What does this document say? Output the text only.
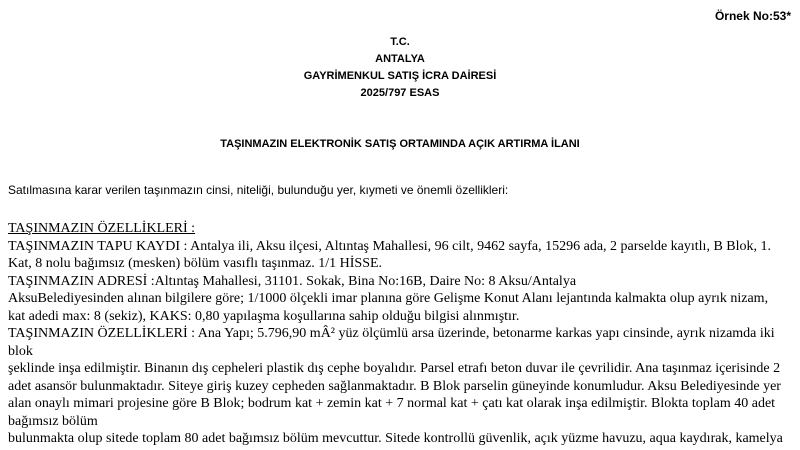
Örnek No:53*
T.C.
ANTALYA
GAYRİMENKUL SATIŞ İCRA DAİRESİ
2025/797 ESAS
TAŞINMAZIN ELEKTRONİK SATIŞ ORTAMINDA AÇIK ARTIRMA İLANI
Satılmasına karar verilen taşınmazın cinsi, niteliği, bulunduğu yer, kıymeti ve önemli özellikleri:

TAŞINMAZIN ÖZELLİKLERİ :

TAŞINMAZIN TAPU KAYDI : Antalya ili, Aksu ilçesi, Altıntaş Mahallesi, 96 cilt, 9462 sayfa, 15296 ada, 2 parselde kayıtlı, B Blok, 1. Kat, 8 nolu bağımsız (mesken) bölüm vasıflı taşınmaz. 1/1 HİSSE.

TAŞINMAZIN ADRESİ :Altıntaş Mahallesi, 31101. Sokak, Bina No:16B, Daire No: 8 Aksu/Antalya

AksuBelediyesinden alınan bilgilere göre; 1/1000 ölçekli imar planına göre Gelişme Konut Alanı lejantında kalmakta olup ayrık nizam, kat adedi max: 8 (sekiz), KAKS: 0,80 yapılaşma koşullarına sahip olduğu bilgisi alınmıştır.

TAŞINMAZIN ÖZELLİKLERİ : Ana Yapı; 5.796,90 mÂ² yüz ölçümlü arsa üzerinde, betonarme karkas yapı cinsinde, ayrık nizamda iki blok

şeklinde inşa edilmiştir. Binanın dış cepheleri plastik dış cephe boyalıdır. Parsel etrafı beton duvar ile çevrilidir. Ana taşınmaz içerisinde 2 adet asansör bulunmaktadır. Siteye giriş kuzey cepheden sağlanmaktadır. B Blok parselin güneyinde konumludur. Aksu Belediyesinde yer alan onaylı mimari projesine göre B Blok; bodrum kat + zemin kat + 7 normal kat + çatı kat olarak inşa edilmiştir. Blokta toplam 40 adet bağımsız bölüm

bulunmakta olup sitede toplam 80 adet bağımsız bölüm mevcuttur. Sitede kontrollü güvenlik, açık yüzme havuzu, aqua kaydırak, kamelya
